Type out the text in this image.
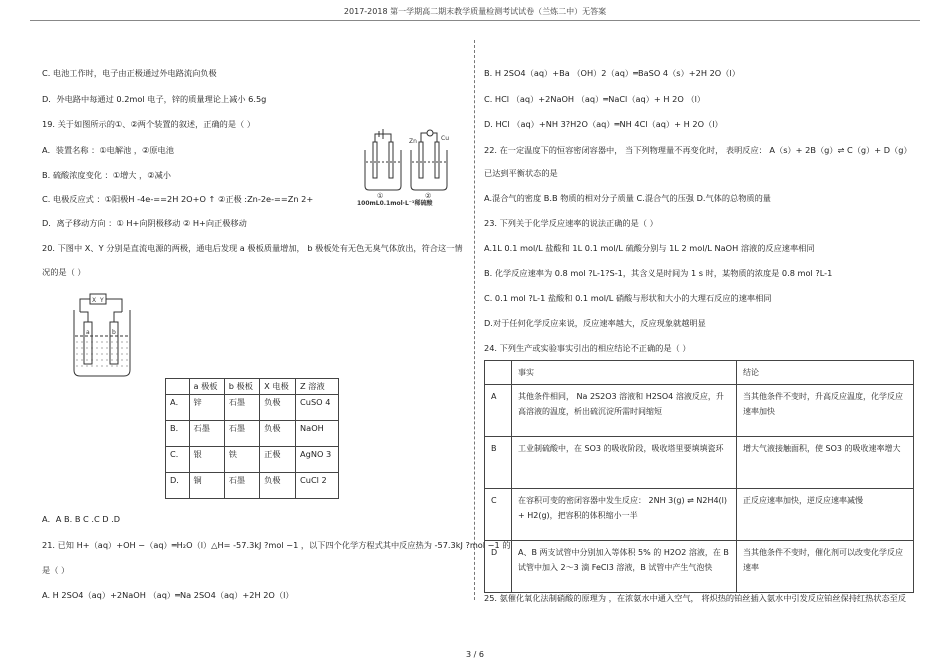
2017-2018 第一学期高二期末教学质量检测考试试卷（兰炼二中）无答案
C. 电池工作时，电子由正极通过外电路流向负极
D．外电路中每通过 0.2mol 电子，锌的质量理论上减小 6.5g
19. 关于如图所示的①、②两个装置的叙述，正确的是（ ）
A．装置名称 ：①电解池 ，②原电池
B. 硫酸浓度变化 ：①增大 ，②减小
C. 电极反应式 ：①阳极H -4e-==2H 2O+O ↑ ②正极 :Zn-2e-==Zn 2+
D．离子移动方向 ：① H+向阴极移动 ② H+向正极移动
①	②
Zn	Cu
100mL0.1mol·L⁻¹稀硫酸
20. 下图中 X、Y 分别是直流电源的两极，通电后发现 a 极板质量增加， b 极板处有无色无臭气体放出，符合这一情
况的是（ ）
X Y
a	b
	a 极板	b 极板	X 电极	Z 溶液
A．	锌	石墨	负极	CuSO 4
B．	石墨	石墨	负极	NaOH
C．	银	铁	正极	AgNO 3
D．	铜	石墨	负极	CuCl 2
A．A B. B C .C D .D
21. 已知 H+（aq）+OH −（aq）═H₂O（l）△H= -57.3kJ ?mol −1 ，以下四个化学方程式其中反应热为 -57.3kJ ?mol −1 的
是（ ）
A. H 2SO4（aq）+2NaOH （aq）═Na 2SO4（aq）+2H 2O（l）
B. H 2SO4（aq）+Ba （OH）2（aq）═BaSO 4（s）+2H 2O（l）
C. HCl （aq）+2NaOH （aq）═NaCl（aq）+ H 2O （l）
D. HCl （aq）+NH 3?H2O（aq）═NH 4Cl（aq）+ H 2O（l）
22. 在一定温度下的恒容密闭容器中， 当下列物理量不再变化时， 表明反应： A（s）+ 2B（g）⇌ C（g）+ D（g）
已达到平衡状态的是
A.混合气的密度 B.B 物质的相对分子质量 C.混合气的压强 D.气体的总物质的量
23. 下列关于化学反应速率的说法正确的是（ ）
A.1L 0.1 mol/L 盐酸和 1L 0.1 mol/L 硫酸分别与 1L 2 mol/L NaOH 溶液的反应速率相同
B. 化学反应速率为 0.8 mol ?L-1?S-1，其含义是时间为 1 s 时，某物质的浓度是 0.8 mol ?L-1
C. 0.1 mol ?L-1 盐酸和 0.1 mol/L 硝酸与形状和大小的大理石反应的速率相同
D.对于任何化学反应来说，反应速率越大，反应现象就越明显
24. 下列生产或实验事实引出的相应结论不正确的是（ ）
	事实	结论
A	其他条件相同， Na 2S2O3 溶液和 H2SO4 溶液反应，升高溶液的温度，析出硫沉淀所需时间缩短	当其他条件不变时，升高反应温度，化学反应速率加快
B	工业制硫酸中，在 SO3 的吸收阶段，吸收塔里要填填瓷环	增大气液接触面积，使 SO3 的吸收速率增大
C	在容积可变的密闭容器中发生反应： 2NH 3(g) ⇌ N2H4(l) + H2(g)，把容积的体积缩小一半	正反应速率加快，逆反应速率减慢
D	A、B 两支试管中分别加入等体积 5% 的 H2O2 溶液，在 B 试管中加入 2～3 滴 FeCl3 溶液，B 试管中产生气泡快	当其他条件不变时，催化剂可以改变化学反应速率
25. 氨催化氧化法制硝酸的原理为 ，在浓氨水中通入空气， 将炽热的铂丝插入氨水中引发反应铂丝保持红热状态至反
3 / 6
